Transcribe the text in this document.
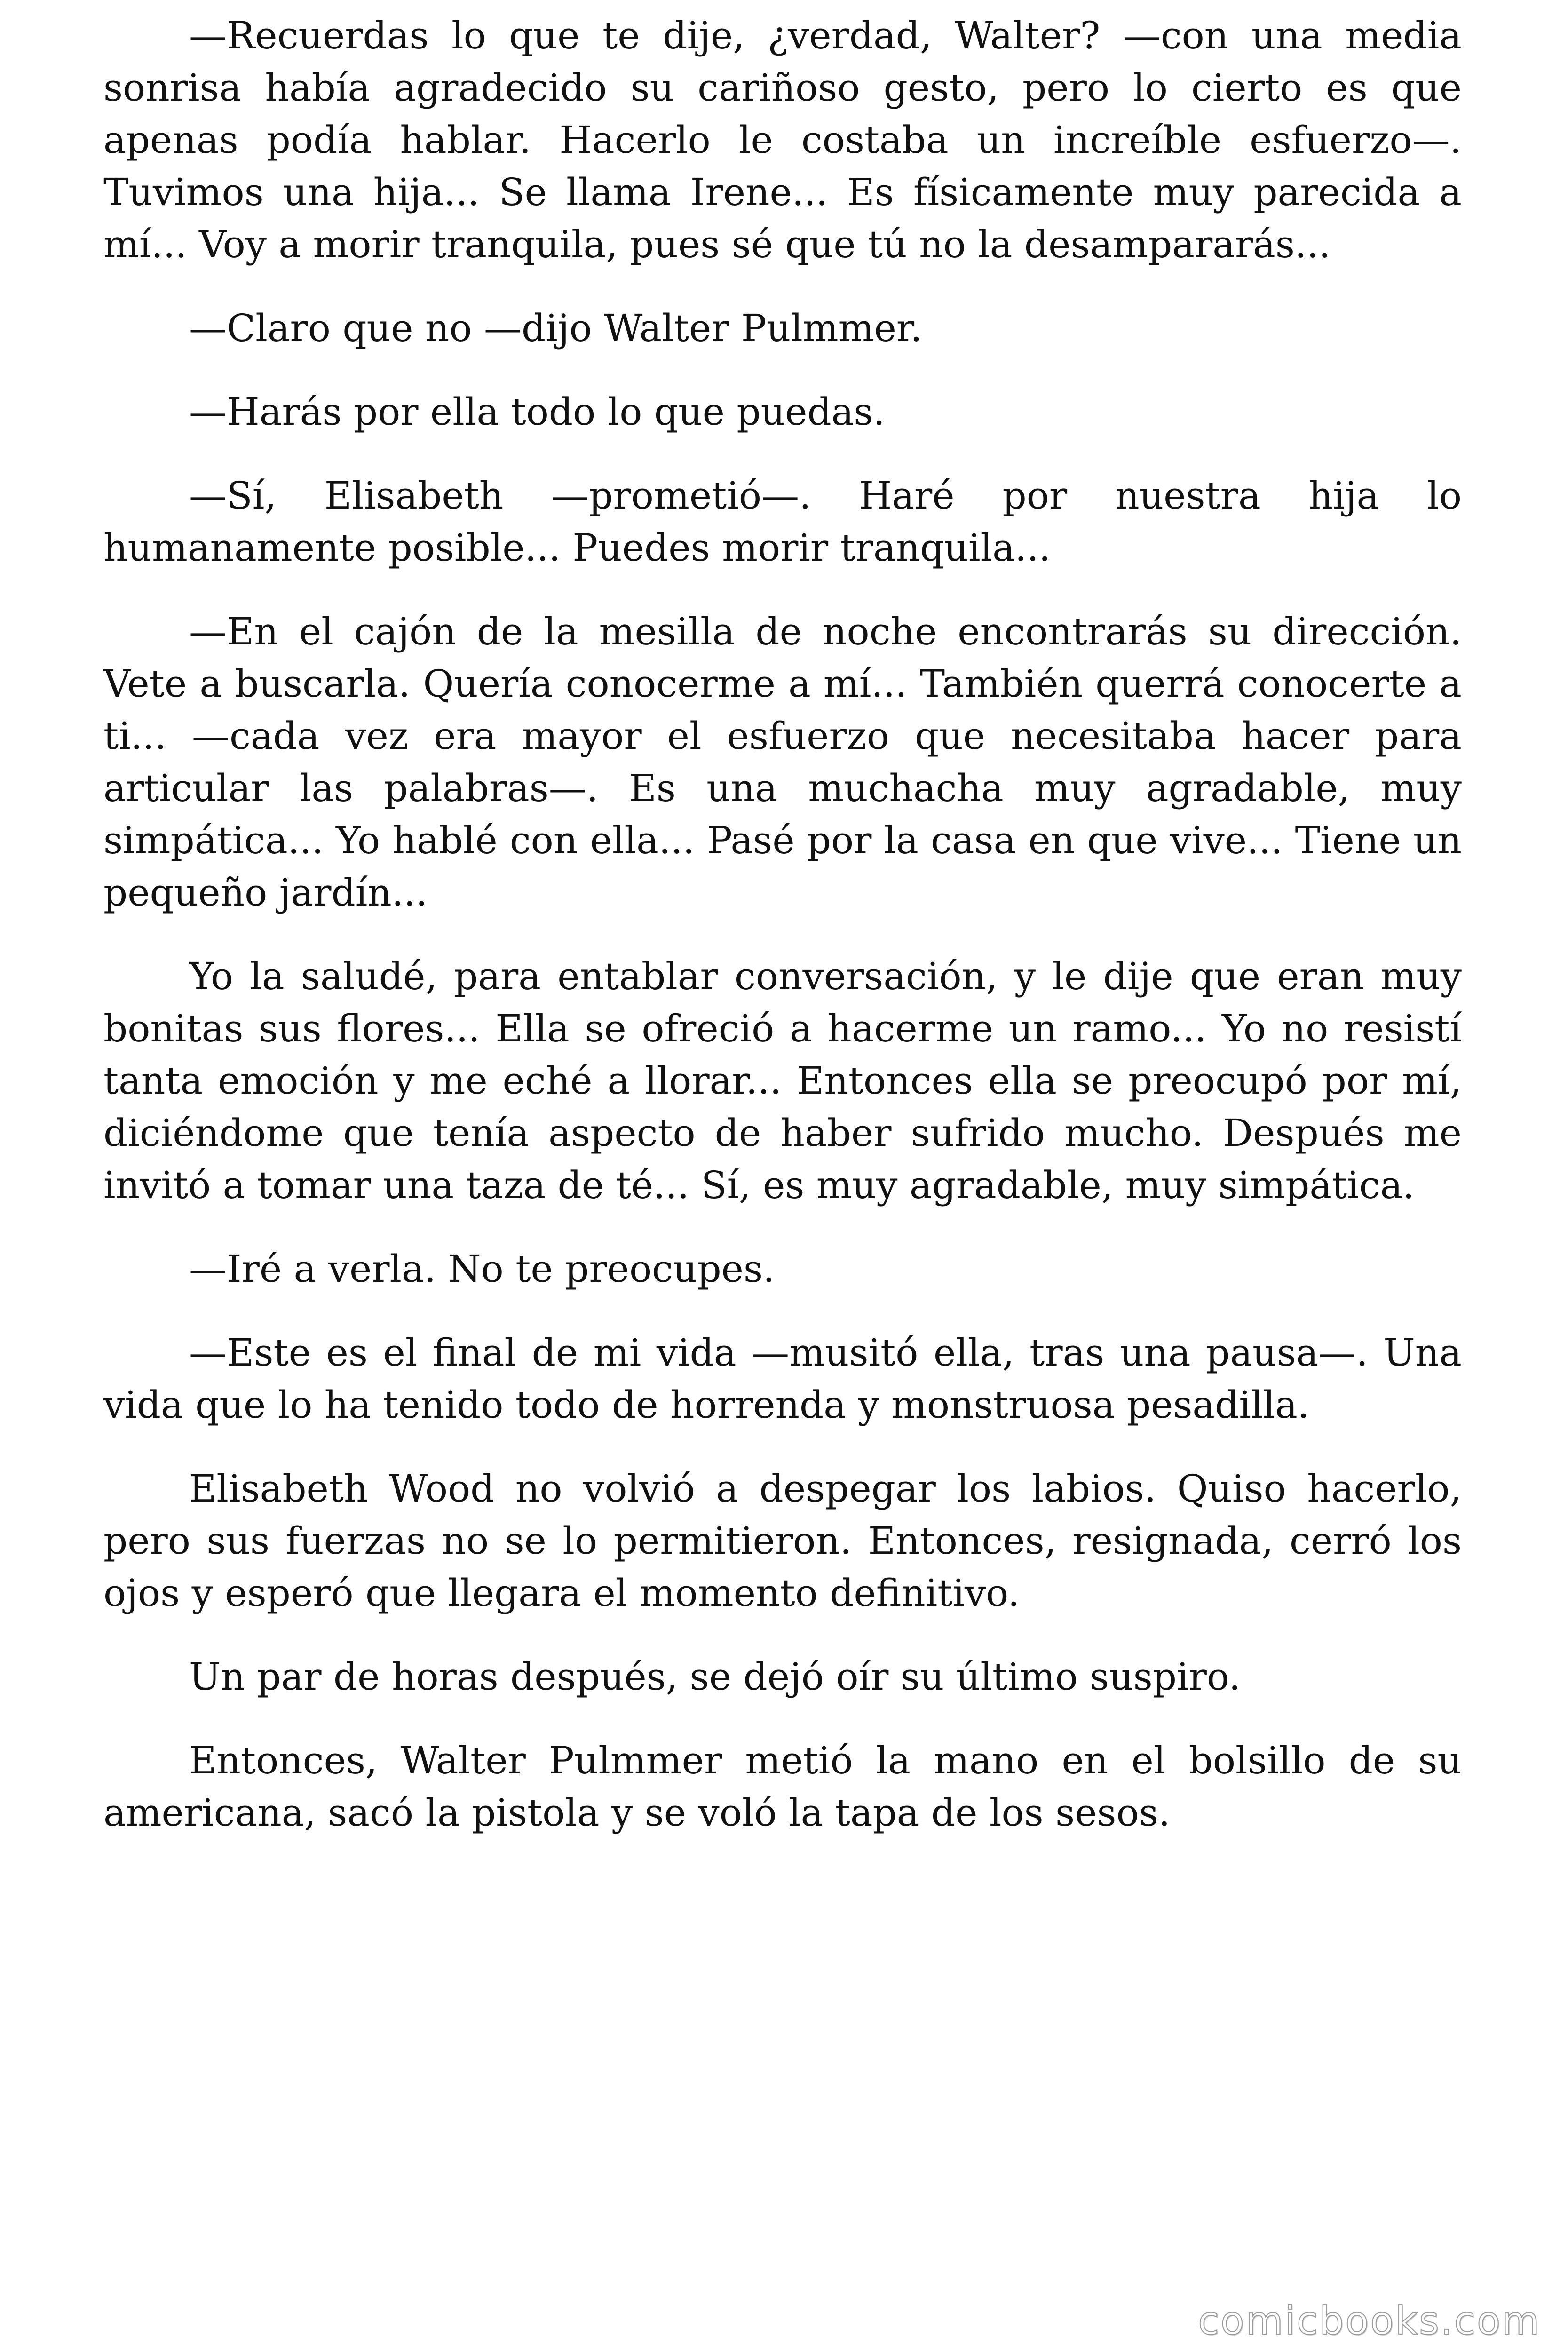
—Recuerdas lo que te dije, ¿verdad, Walter? —con una media sonrisa había agradecido su cariñoso gesto, pero lo cierto es que apenas podía hablar. Hacerlo le costaba un increíble esfuerzo—. Tuvimos una hija... Se llama Irene... Es físicamente muy parecida a mí... Voy a morir tranquila, pues sé que tú no la desampararás...

—Claro que no —dijo Walter Pulmmer.

—Harás por ella todo lo que puedas.

—Sí, Elisabeth —prometió—. Haré por nuestra hija lo humanamente posible... Puedes morir tranquila...

—En el cajón de la mesilla de noche encontrarás su dirección. Vete a buscarla. Quería conocerme a mí... También querrá conocerte a ti... —cada vez era mayor el esfuerzo que necesitaba hacer para articular las palabras—. Es una muchacha muy agradable, muy simpática... Yo hablé con ella... Pasé por la casa en que vive... Tiene un pequeño jardín...

Yo la saludé, para entablar conversación, y le dije que eran muy bonitas sus flores... Ella se ofreció a hacerme un ramo... Yo no resistí tanta emoción y me eché a llorar... Entonces ella se preocupó por mí, diciéndome que tenía aspecto de haber sufrido mucho. Después me invitó a tomar una taza de té... Sí, es muy agradable, muy simpática.

—Iré a verla. No te preocupes.

—Este es el final de mi vida —musitó ella, tras una pausa—. Una vida que lo ha tenido todo de horrenda y monstruosa pesadilla.

Elisabeth Wood no volvió a despegar los labios. Quiso hacerlo, pero sus fuerzas no se lo permitieron. Entonces, resignada, cerró los ojos y esperó que llegara el momento definitivo.

Un par de horas después, se dejó oír su último suspiro.

Entonces, Walter Pulmmer metió la mano en el bolsillo de su americana, sacó la pistola y se voló la tapa de los sesos.

comicbooks.com
